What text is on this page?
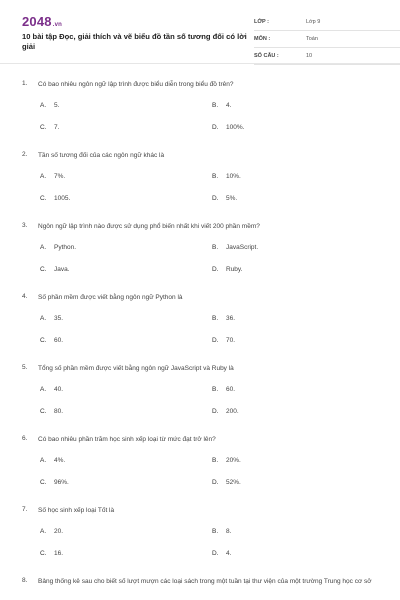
2048.vn
10 bài tập Đọc, giải thích và vẽ biểu đồ tần số tương đối có lời giải
LỚP :	Lớp 9
MÔN :	Toán
SỐ CÂU :	10
1. Có bao nhiêu ngôn ngữ lập trình được biểu diễn trong biểu đồ trên?
A. 5.	B. 4.
C. 7.	D. 100%.
2. Tần số tương đối của các ngôn ngữ khác là
A. 7%.	B. 10%.
C. 1005.	D. 5%.
3. Ngôn ngữ lập trình nào được sử dụng phổ biến nhất khi viết 200 phần mềm?
A. Python.	B. JavaScript.
C. Java.	D. Ruby.
4. Số phần mềm được viết bằng ngôn ngữ Python là
A. 35.	B. 36.
C. 60.	D. 70.
5. Tổng số phần mềm được viết bằng ngôn ngữ JavaScript và Ruby là
A. 40.	B. 60.
C. 80.	D. 200.
6. Có bao nhiêu phần trăm học sinh xếp loại từ mức đạt trở lên?
A. 4%.	B. 20%.
C. 96%.	D. 52%.
7. Số học sinh xếp loại Tốt là
A. 20.	B. 8.
C. 16.	D. 4.
8. Bảng thống kê sau cho biết số lượt mượn các loại sách trong một tuần tại thư viện của một trường Trung học cơ sở
